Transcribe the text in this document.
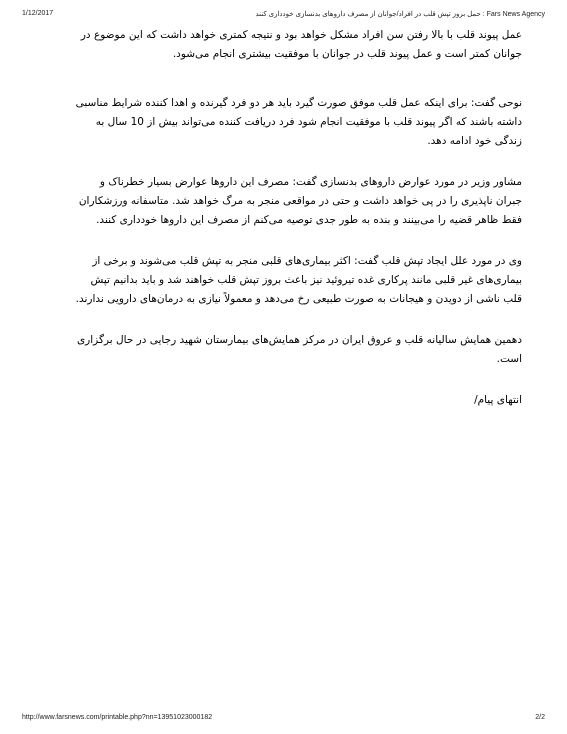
1/12/2017	Fars News Agency : حمل بروز تپش قلب در افراد/جوانان از مصرف داروهای بدنسازی خودداری کنند

عمل پیوند قلب با بالا رفتن سن افراد مشکل خواهد بود و نتیجه کمتری خواهد داشت که این موضوع در جوانان کمتر است و عمل پیوند قلب در جوانان با موفقیت بیشتری انجام می‌شود.

نوحی گفت: برای اینکه عمل قلب موفق صورت گیرد باید هر دو فرد گیرنده و اهدا کننده شرایط مناسبی داشته باشند که اگر پیوند قلب با موفقیت انجام شود فرد دریافت کننده می‌تواند بیش از 10 سال به زندگی خود ادامه دهد.

مشاور وزیر در مورد عوارض داروهای بدنسازی گفت: مصرف این داروها عوارض بسیار خطرناک و جبران ناپذیری را در پی خواهد داشت و حتی در مواقعی منجر به مرگ خواهد شد. متاسفانه ورزشکاران فقط ظاهر قضیه را می‌بینند و بنده به طور جدی توصیه می‌کنم از مصرف این داروها خودداری کنند.

وی در مورد علل ایجاد تپش قلب گفت: اکثر بیماری‌های قلبی منجر به تپش قلب می‌شوند و برخی از بیماری‌های غیر قلبی مانند پرکاری غده تیروئید نیز باعث بروز تپش قلب خواهند شد و باید بدانیم تپش قلب ناشی از دویدن و هیجانات به صورت طبیعی رخ می‌دهد و معمولاً نیازی به درمان‌های دارویی ندارند.

دهمین همایش سالیانه قلب و عروق ایران در مرکز همایش‌های بیمارستان شهید رجایی در حال برگزاری است.

انتهای پیام/

http://www.farsnews.com/printable.php?nn=13951023000182	2/2
